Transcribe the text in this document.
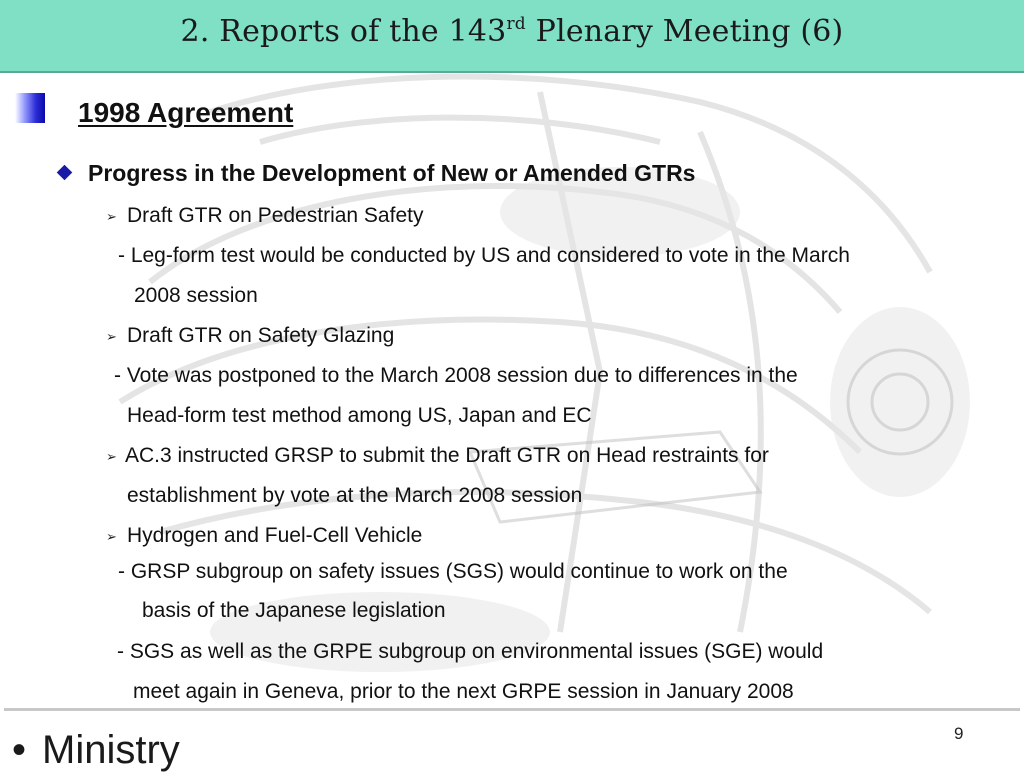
2. Reports of the 143rd Plenary Meeting (6)
1998 Agreement
Progress in the Development of New or Amended GTRs
➢ Draft GTR on Pedestrian Safety
- Leg-form test would be conducted by US and considered to vote in the March
2008 session
➢ Draft GTR on Safety Glazing
- Vote was postponed to the March 2008 session due to differences in the
Head-form test method among US, Japan and EC
➢ AC.3 instructed GRSP to submit the Draft GTR on Head restraints for
establishment by vote at the March 2008 session
➢ Hydrogen and Fuel-Cell Vehicle
- GRSP subgroup on safety issues (SGS) would continue to work on the
basis of the Japanese legislation
- SGS as well as the GRPE subgroup on environmental issues (SGE) would
meet again in Geneva, prior to the next GRPE session in January 2008
9
• Ministry
